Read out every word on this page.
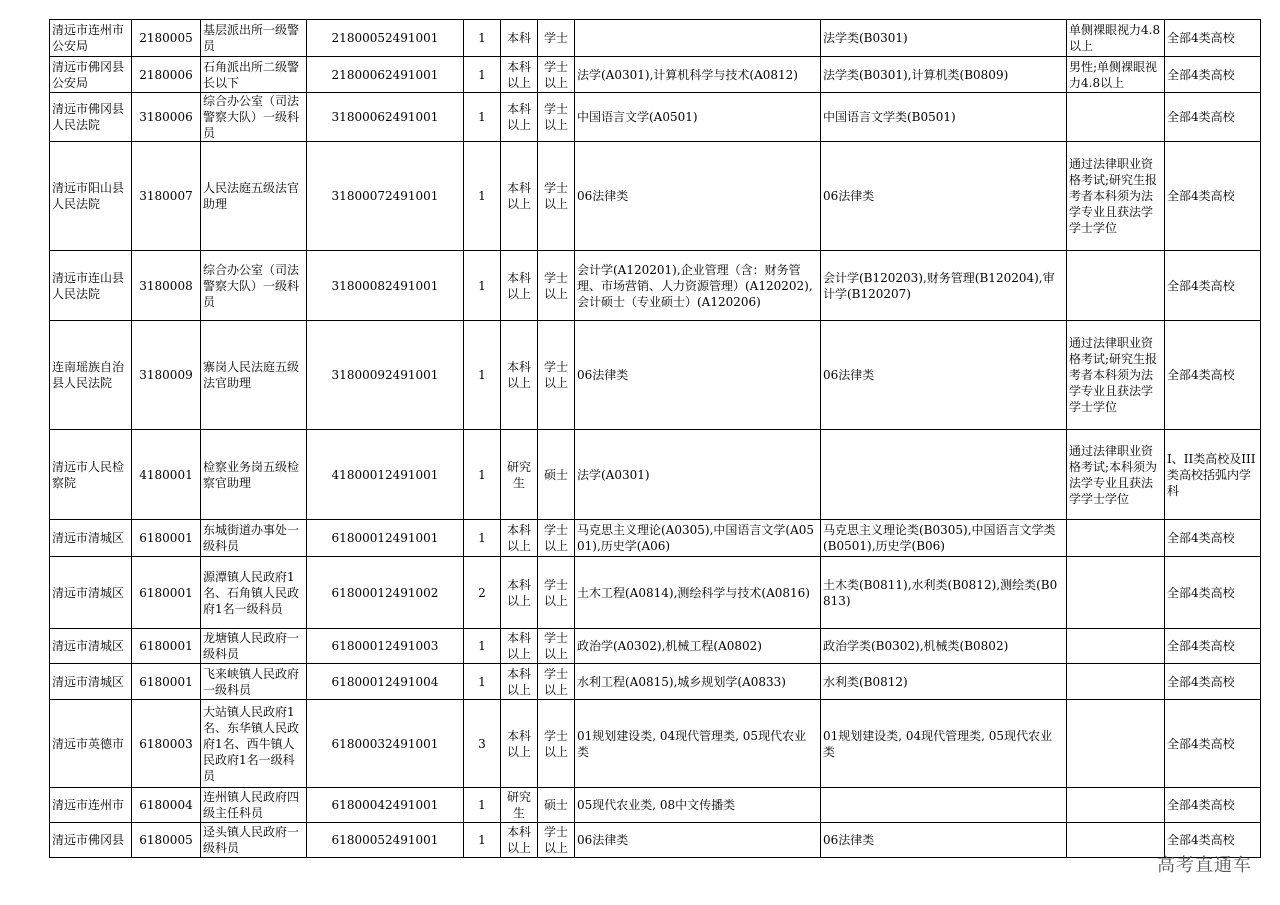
清远市连州市公安局	2180005	基层派出所一级警员	21800052491001	1	本科	学士		法学类(B0301)	单侧裸眼视力4.8以上	全部4类高校
清远市佛冈县公安局	2180006	石角派出所二级警长以下	21800062491001	1	本科以上	学士以上	法学(A0301),计算机科学与技术(A0812)	法学类(B0301),计算机类(B0809)	男性;单侧裸眼视力4.8以上	全部4类高校
清远市佛冈县人民法院	3180006	综合办公室（司法警察大队）一级科员	31800062491001	1	本科以上	学士以上	中国语言文学(A0501)	中国语言文学类(B0501)		全部4类高校
清远市阳山县人民法院	3180007	人民法庭五级法官助理	31800072491001	1	本科以上	学士以上	06法律类	06法律类	通过法律职业资格考试;研究生报考者本科须为法学专业且获法学学士学位	全部4类高校
清远市连山县人民法院	3180008	综合办公室（司法警察大队）一级科员	31800082491001	1	本科以上	学士以上	会计学(A120201),企业管理（含：财务管理、市场营销、人力资源管理）(A120202),会计硕士（专业硕士）(A120206)	会计学(B120203),财务管理(B120204),审计学(B120207)		全部4类高校
连南瑶族自治县人民法院	3180009	寨岗人民法庭五级法官助理	31800092491001	1	本科以上	学士以上	06法律类	06法律类	通过法律职业资格考试;研究生报考者本科须为法学专业且获法学学士学位	全部4类高校
清远市人民检察院	4180001	检察业务岗五级检察官助理	41800012491001	1	研究生	硕士	法学(A0301)		通过法律职业资格考试;本科须为法学专业且获法学学士学位	I、II类高校及III类高校括弧内学科
清远市清城区	6180001	东城街道办事处一级科员	61800012491001	1	本科以上	学士以上	马克思主义理论(A0305),中国语言文学(A0501),历史学(A06)	马克思主义理论类(B0305),中国语言文学类(B0501),历史学(B06)		全部4类高校
清远市清城区	6180001	源潭镇人民政府1名、石角镇人民政府1名一级科员	61800012491002	2	本科以上	学士以上	土木工程(A0814),测绘科学与技术(A0816)	土木类(B0811),水利类(B0812),测绘类(B0813)		全部4类高校
清远市清城区	6180001	龙塘镇人民政府一级科员	61800012491003	1	本科以上	学士以上	政治学(A0302),机械工程(A0802)	政治学类(B0302),机械类(B0802)		全部4类高校
清远市清城区	6180001	飞来峡镇人民政府一级科员	61800012491004	1	本科以上	学士以上	水利工程(A0815),城乡规划学(A0833)	水利类(B0812)		全部4类高校
清远市英德市	6180003	大站镇人民政府1名、东华镇人民政府1名、西牛镇人民政府1名一级科员	61800032491001	3	本科以上	学士以上	01规划建设类, 04现代管理类, 05现代农业类	01规划建设类, 04现代管理类, 05现代农业类		全部4类高校
清远市连州市	6180004	连州镇人民政府四级主任科员	61800042491001	1	研究生	硕士	05现代农业类, 08中文传播类			全部4类高校
清远市佛冈县	6180005	迳头镇人民政府一级科员	61800052491001	1	本科以上	学士以上	06法律类	06法律类		全部4类高校
高考直通车
